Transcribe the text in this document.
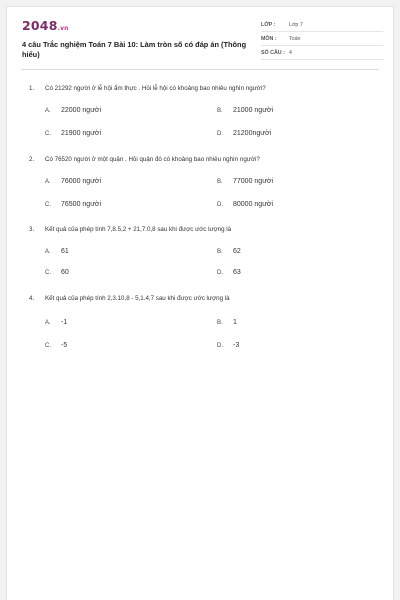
2048.vn
4 câu Trắc nghiệm Toán 7 Bài 10: Làm tròn số có đáp án (Thông hiểu)
LỚP :	Lớp 7
MÔN : Toán
SỐ CÂU : 4
1. Có 21292 người ở lễ hội ẩm thực . Hỏi lễ hội có khoảng bao nhiêu nghìn người?
A. 22000 người	B. 21000 người
C. 21900 người	D. 21200người
2. Có 76520 người ở một quận . Hỏi quận đó có khoảng bao nhiêu nghìn người?
A. 76000 người	B. 77000 người
C. 76500 người	D. 80000 người
3. Kết quả của phép tính 7,8.5,2 + 21,7.0,8 sau khi được ước lượng là
A. 61	B. 62
C. 60	D. 63
4. Kết quả của phép tính 2,3.10,8 - 5,1.4,7 sau khi được ước lượng là
A. -1	B. 1
C. -5	D. -3
